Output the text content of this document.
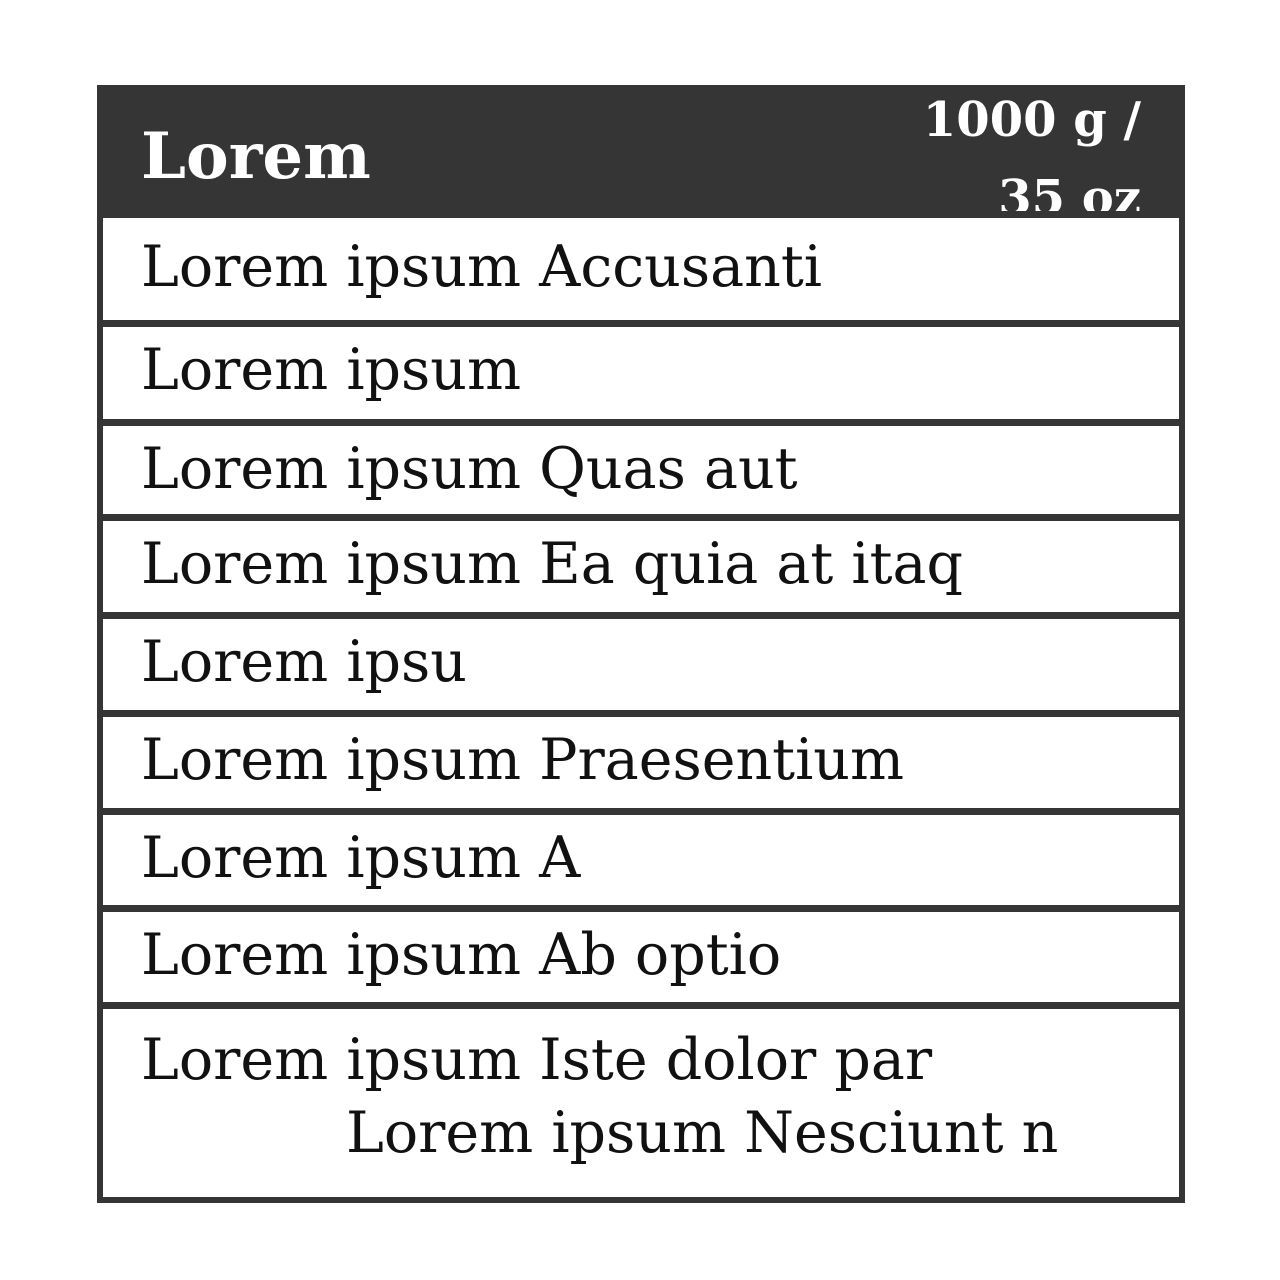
Lorem	1000 g / 35 oz
Lorem ipsum Accusanti
Lorem ipsum
Lorem ipsum Quas aut
Lorem ipsum Ea quia at itaq
Lorem ipsu
Lorem ipsum Praesentium
Lorem ipsum A
Lorem ipsum Ab optio
Lorem ipsum Iste dolor par
Lorem ipsum Nesciunt n
